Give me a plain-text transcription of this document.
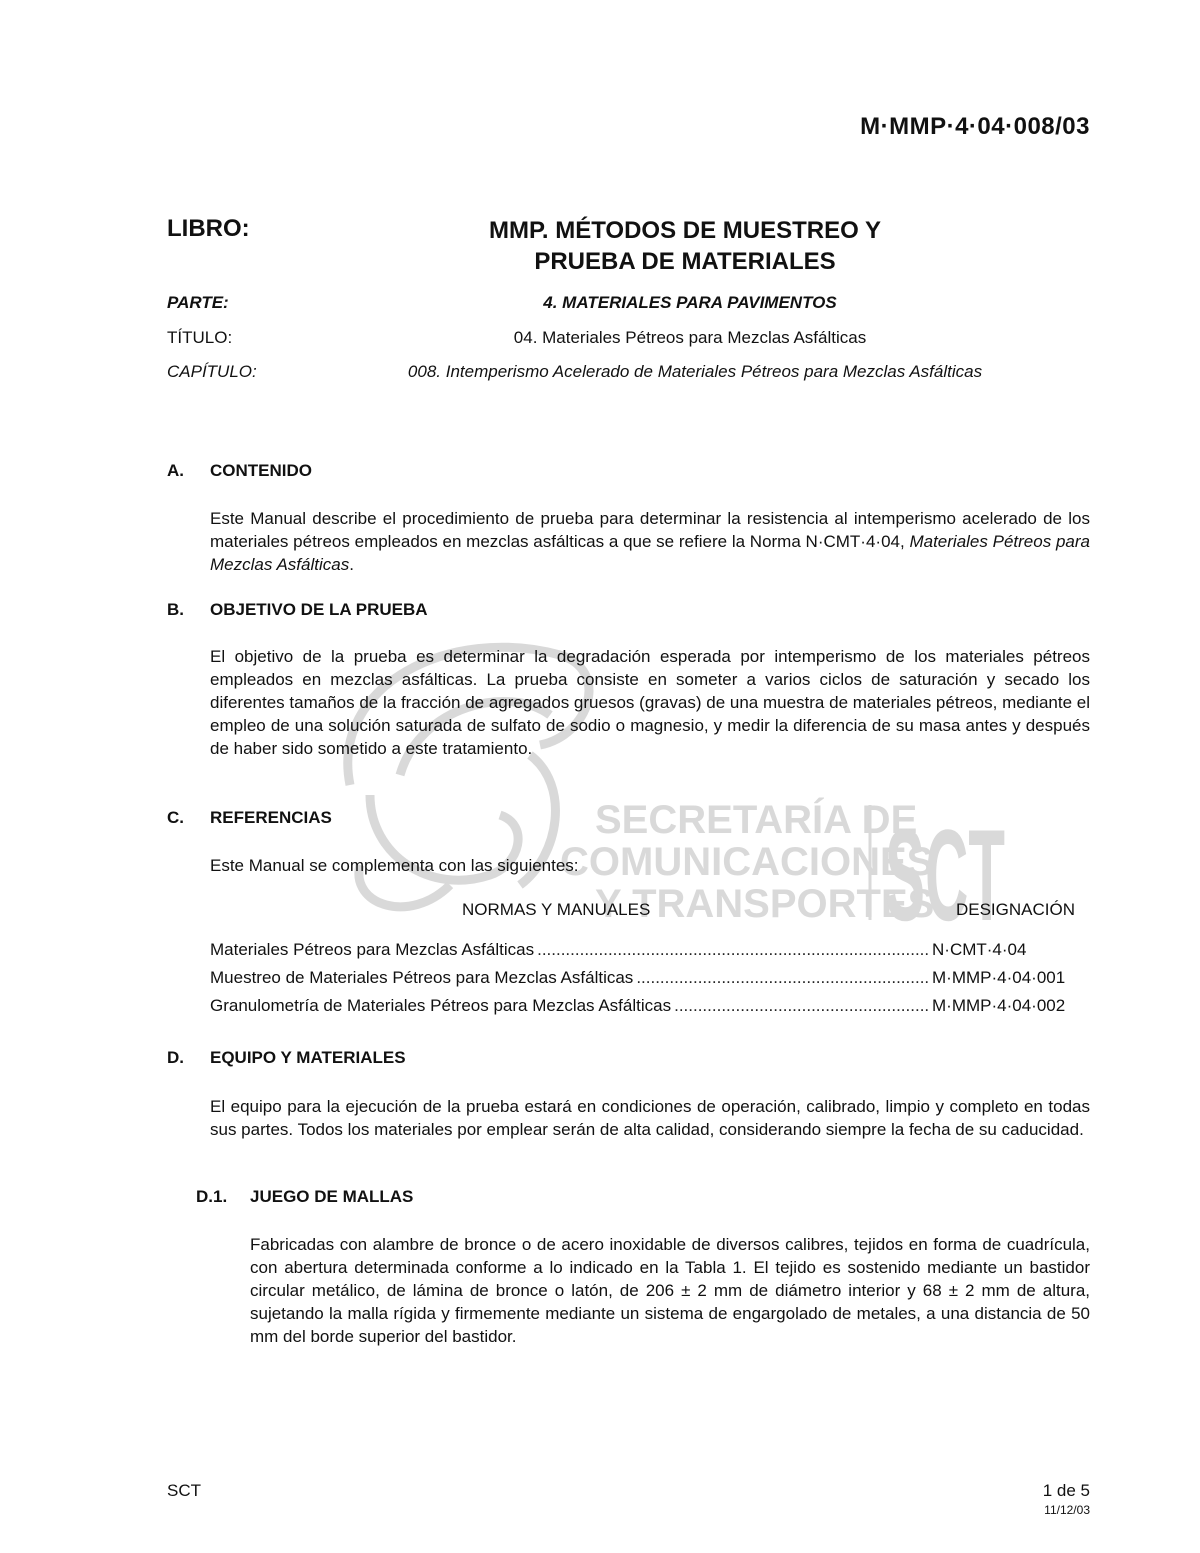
SECRETARÍA DE
COMUNICACIONES
Y TRANSPORTES
SCT
M·MMP·4·04·008/03
LIBRO:	MMP. MÉTODOS DE MUESTREO Y
PRUEBA DE MATERIALES
PARTE:	4. MATERIALES PARA PAVIMENTOS
TÍTULO:	04. Materiales Pétreos para Mezclas Asfálticas
CAPÍTULO:	008. Intemperismo Acelerado de Materiales Pétreos para Mezclas Asfálticas
A. CONTENIDO
Este Manual describe el procedimiento de prueba para determinar la resistencia al intemperismo acelerado de los materiales pétreos empleados en mezclas asfálticas a que se refiere la Norma N·CMT·4·04, Materiales Pétreos para Mezclas Asfálticas.
B. OBJETIVO DE LA PRUEBA
El objetivo de la prueba es determinar la degradación esperada por intemperismo de los materiales pétreos empleados en mezclas asfálticas. La prueba consiste en someter a varios ciclos de saturación y secado los diferentes tamaños de la fracción de agregados gruesos (gravas) de una muestra de materiales pétreos, mediante el empleo de una solución saturada de sulfato de sodio o magnesio, y medir la diferencia de su masa antes y después de haber sido sometido a este tratamiento.
C. REFERENCIAS
Este Manual se complementa con las siguientes:
NORMAS Y MANUALES	DESIGNACIÓN
Materiales Pétreos para Mezclas Asfálticas .....	N·CMT·4·04
Muestreo de Materiales Pétreos para Mezclas Asfálticas .....	M·MMP·4·04·001
Granulometría de Materiales Pétreos para Mezclas Asfálticas .....	M·MMP·4·04·002
D. EQUIPO Y MATERIALES
El equipo para la ejecución de la prueba estará en condiciones de operación, calibrado, limpio y completo en todas sus partes. Todos los materiales por emplear serán de alta calidad, considerando siempre la fecha de su caducidad.
D.1. JUEGO DE MALLAS
Fabricadas con alambre de bronce o de acero inoxidable de diversos calibres, tejidos en forma de cuadrícula, con abertura determinada conforme a lo indicado en la Tabla 1. El tejido es sostenido mediante un bastidor circular metálico, de lámina de bronce o latón, de 206 ± 2 mm de diámetro interior y 68 ± 2 mm de altura, sujetando la malla rígida y firmemente mediante un sistema de engargolado de metales, a una distancia de 50 mm del borde superior del bastidor.
SCT	1 de 5
11/12/03
